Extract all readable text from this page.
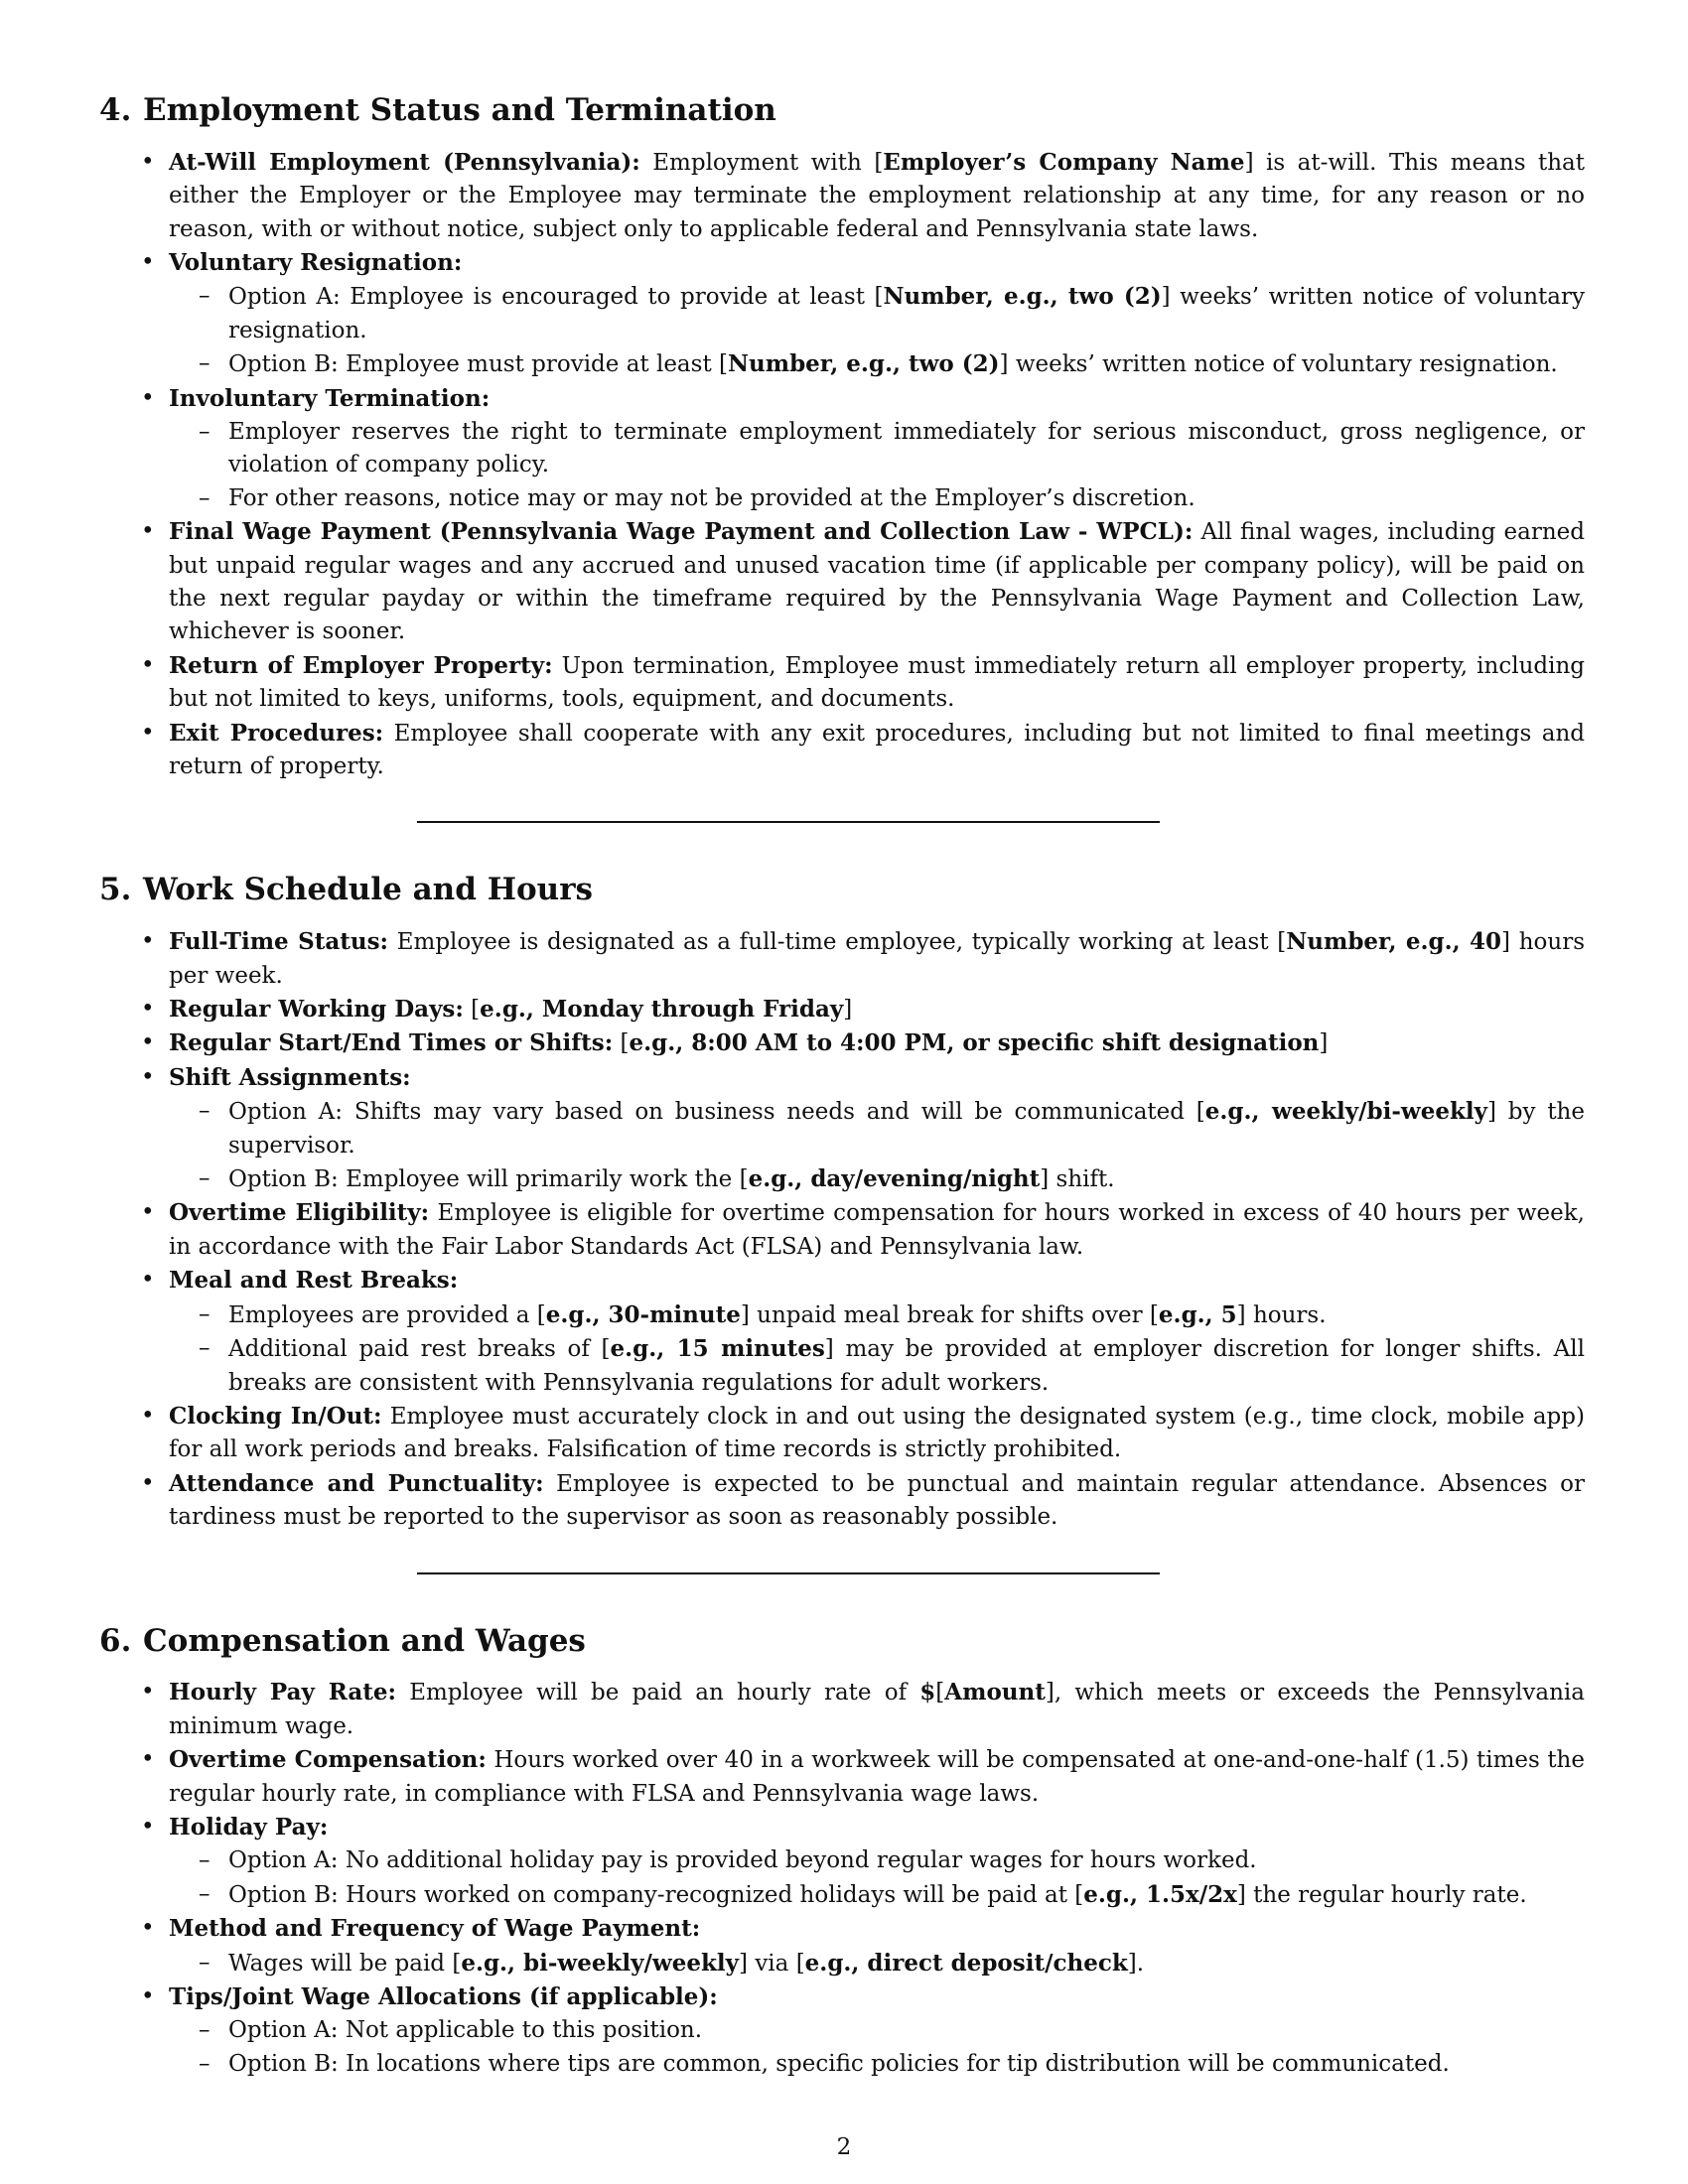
4. Employment Status and Termination
• At-Will Employment (Pennsylvania): Employment with [Employer’s Company Name] is at-will. This means that either the Employer or the Employee may terminate the employment relationship at any time, for any reason or no reason, with or without notice, subject only to applicable federal and Pennsylvania state laws.
• Voluntary Resignation:
– Option A: Employee is encouraged to provide at least [Number, e.g., two (2)] weeks’ written notice of voluntary resignation.
– Option B: Employee must provide at least [Number, e.g., two (2)] weeks’ written notice of voluntary resignation.
• Involuntary Termination:
– Employer reserves the right to terminate employment immediately for serious misconduct, gross negligence, or violation of company policy.
– For other reasons, notice may or may not be provided at the Employer’s discretion.
• Final Wage Payment (Pennsylvania Wage Payment and Collection Law - WPCL): All final wages, including earned but unpaid regular wages and any accrued and unused vacation time (if applicable per company policy), will be paid on the next regular payday or within the timeframe required by the Pennsylvania Wage Payment and Collection Law, whichever is sooner.
• Return of Employer Property: Upon termination, Employee must immediately return all employer property, including but not limited to keys, uniforms, tools, equipment, and documents.
• Exit Procedures: Employee shall cooperate with any exit procedures, including but not limited to final meetings and return of property.
5. Work Schedule and Hours
• Full-Time Status: Employee is designated as a full-time employee, typically working at least [Number, e.g., 40] hours per week.
• Regular Working Days: [e.g., Monday through Friday]
• Regular Start/End Times or Shifts: [e.g., 8:00 AM to 4:00 PM, or specific shift designation]
• Shift Assignments:
– Option A: Shifts may vary based on business needs and will be communicated [e.g., weekly/bi-weekly] by the supervisor.
– Option B: Employee will primarily work the [e.g., day/evening/night] shift.
• Overtime Eligibility: Employee is eligible for overtime compensation for hours worked in excess of 40 hours per week, in accordance with the Fair Labor Standards Act (FLSA) and Pennsylvania law.
• Meal and Rest Breaks:
– Employees are provided a [e.g., 30-minute] unpaid meal break for shifts over [e.g., 5] hours.
– Additional paid rest breaks of [e.g., 15 minutes] may be provided at employer discretion for longer shifts. All breaks are consistent with Pennsylvania regulations for adult workers.
• Clocking In/Out: Employee must accurately clock in and out using the designated system (e.g., time clock, mobile app) for all work periods and breaks. Falsification of time records is strictly prohibited.
• Attendance and Punctuality: Employee is expected to be punctual and maintain regular attendance. Absences or tardiness must be reported to the supervisor as soon as reasonably possible.
6. Compensation and Wages
• Hourly Pay Rate: Employee will be paid an hourly rate of $[Amount], which meets or exceeds the Pennsylvania minimum wage.
• Overtime Compensation: Hours worked over 40 in a workweek will be compensated at one-and-one-half (1.5) times the regular hourly rate, in compliance with FLSA and Pennsylvania wage laws.
• Holiday Pay:
– Option A: No additional holiday pay is provided beyond regular wages for hours worked.
– Option B: Hours worked on company-recognized holidays will be paid at [e.g., 1.5x/2x] the regular hourly rate.
• Method and Frequency of Wage Payment:
– Wages will be paid [e.g., bi-weekly/weekly] via [e.g., direct deposit/check].
• Tips/Joint Wage Allocations (if applicable):
– Option A: Not applicable to this position.
– Option B: In locations where tips are common, specific policies for tip distribution will be communicated.
2
